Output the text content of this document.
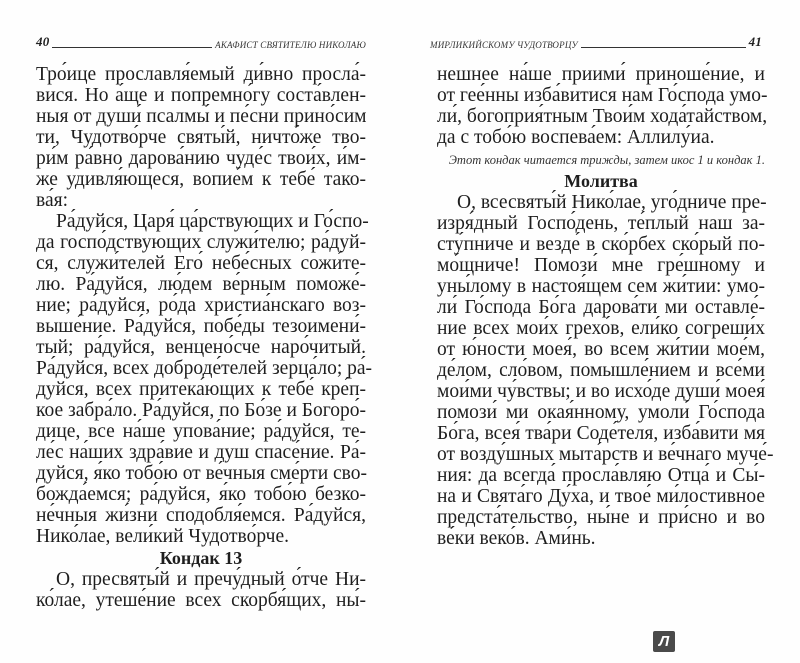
40	АКАФИСТ СВЯТИТЕЛЮ НИКОЛАЮ
Тро́ице прославля́емый ди́вно просла́-
вися. Но а́ще и попремно́гу соста́влен-
ныя от души́ псалмы́ и пе́сни прино́сим
ти, Чудотво́рче святы́й, ничто́же тво-
ри́м ра́вно дарова́нию чуде́с твои́х, и́м-
же удивля́ющеся, вопие́м к тебе́ тако-
ва́я:
Ра́дуйся, Царя́ ца́рствующих и Го́спо-
да госпо́дствующих служи́телю; ра́дуй-
ся, служи́телей Его́ небе́сных сожи́те-
лю. Ра́дуйся, лю́дем ве́рным поможе́-
ние; ра́дуйся, ро́да христиа́нскаго воз-
выше́ние. Ра́дуйся, побе́ды тезоимени́-
тый; ра́дуйся, венцено́сче наро́читый.
Ра́дуйся, всех доброде́телей зерца́ло; ра́-
дуйся, всех притека́ющих к тебе́ кре́п-
кое забра́ло. Ра́дуйся, по Бо́зе и Богоро́-
дице, все на́ше упова́ние; ра́дуйся, те-
ле́с на́ших здра́вие и душ спасе́ние. Ра́-
дуйся, я́ко тобо́ю от ве́чныя сме́рти сво-
божда́емся; ра́дуйся, я́ко тобо́ю безко-
не́чныя жи́зни сподобля́емся. Ра́дуйся,
Нико́лае, вели́кий Чудотво́рче.
Кондак 13
О, пресвяты́й и пречу́дный о́тче Ни-
ко́лае, утеше́ние всех скорбя́щих, ны́-
МИРЛИКИЙСКОМУ ЧУДОТВОРЦУ	41
нешнее на́ше приими́ приноше́ние, и
от гее́нны изба́витися нам Го́спода умо-
ли́, богоприя́тным Твои́м хода́тайством,
да с тобо́ю воспева́ем: Аллилу́иа.
Этот кондак читается трижды, затем икос 1 и кондак 1.
Молитва
О, всесвяты́й Нико́лае, уго́дниче пре-
изря́дный Госпо́день, те́плый наш за-
сту́пниче и везде́ в ско́рбех ско́рый по-
мо́щниче! Помози́ мне гре́шному и
уны́лому в настоя́щем сем жи́тии: умо-
ли́ Го́спода Бо́га дарова́ти ми оставле́-
ние всех мои́х грехо́в, ели́ко согреши́х
от ю́ности моея́, во всем жи́тии мое́м,
де́лом, сло́вом, помышле́нием и все́ми
мои́ми чу́вствы; и во исхо́де души́ моея́
помози́ ми окая́нному, умоли́ Го́спода
Бо́га, всея́ тва́ри Соде́теля, изба́вити мя
от возду́шных мыта́рств и ве́чнаго муче́-
ния: да всегда́ просла́вляю Отца́ и Сы́-
на и Свята́го Ду́ха, и твое́ ми́лостивное
предста́тельство, ны́не и при́сно и во
ве́ки веко́в. Ами́нь.
Л
